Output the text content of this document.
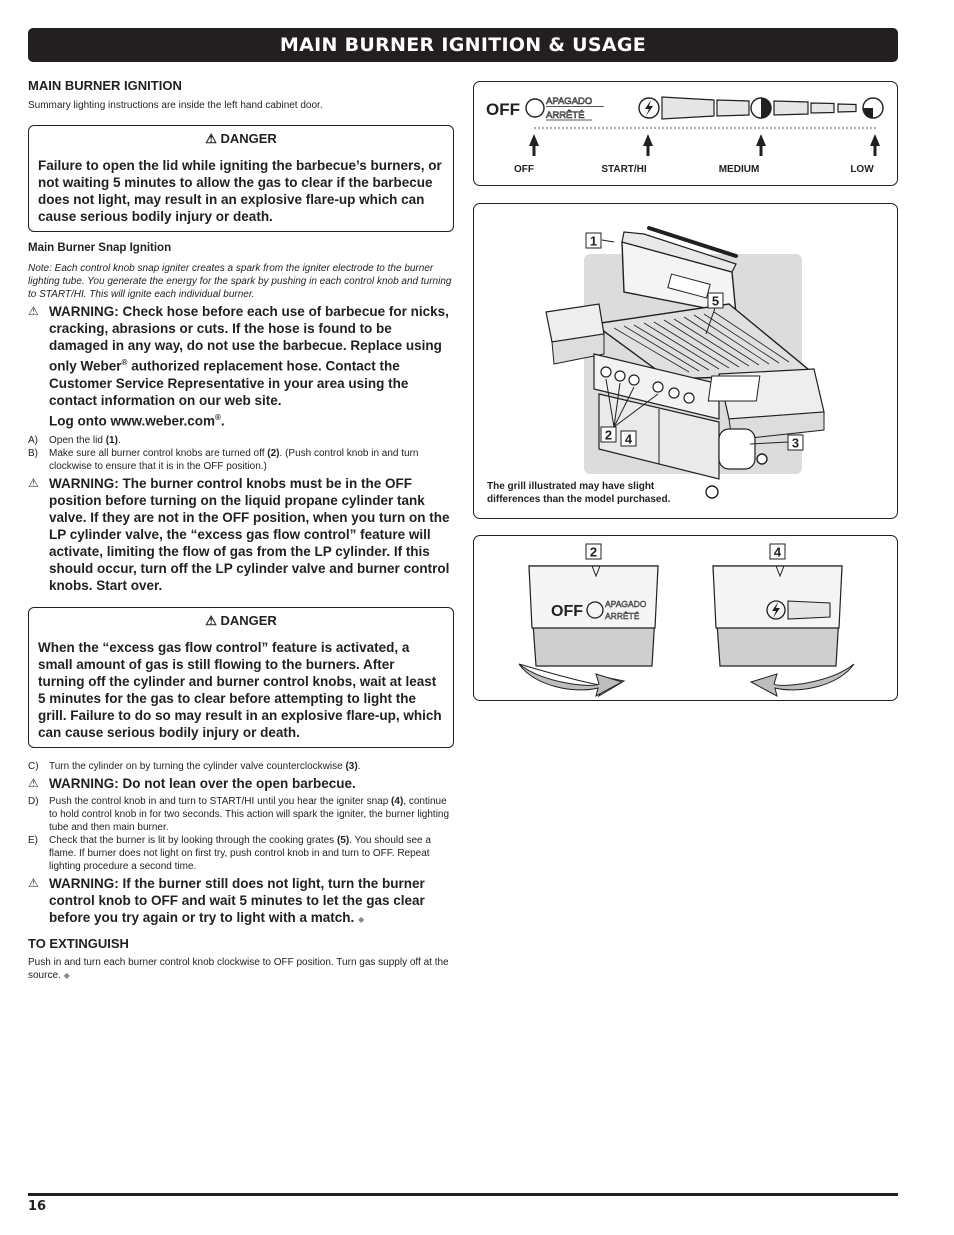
MAIN BURNER IGNITION & USAGE
MAIN BURNER IGNITION

Summary lighting instructions are inside the left hand cabinet door.

⚠ DANGER
Failure to open the lid while igniting the barbecue’s burners, or not waiting 5 minutes to allow the gas to clear if the barbecue does not light, may result in an explosive flare-up which can cause serious bodily injury or death.
Main Burner Snap Ignition

Note: Each control knob snap igniter creates a spark from the igniter electrode to the burner lighting tube. You generate the energy for the spark by pushing in each control knob and turning to START/HI. This will ignite each individual burner.

⚠ WARNING: Check hose before each use of barbecue for nicks, cracking, abrasions or cuts. If the hose is found to be damaged in any way, do not use the barbecue. Replace using only Weber® authorized replacement hose. Contact the Customer Service Representative in your area using the contact information on our web site.
Log onto www.weber.com®.
A)	Open the lid (1).
B)	Make sure all burner control knobs are turned off (2). (Push control knob in and turn clockwise to ensure that it is in the OFF position.)
⚠ WARNING: The burner control knobs must be in the OFF position before turning on the liquid propane cylinder tank valve. If they are not in the OFF position, when you turn on the LP cylinder valve, the “excess gas flow control” feature will activate, limiting the flow of gas from the LP cylinder. If this should occur, turn off the LP cylinder valve and burner control knobs. Start over.
⚠ DANGER
When the “excess gas flow control” feature is activated, a small amount of gas is still flowing to the burners. After turning off the cylinder and burner control knobs, wait at least 5 minutes for the gas to clear before attempting to light the grill. Failure to do so may result in an explosive flare-up, which can cause serious bodily injury or death.
C)	Turn the cylinder on by turning the cylinder valve counterclockwise (3).
⚠ WARNING: Do not lean over the open barbecue.
D)	Push the control knob in and turn to START/HI until you hear the igniter snap (4), continue to hold control knob in for two seconds. This action will spark the igniter, the burner lighting tube and then main burner.
E)	Check that the burner is lit by looking through the cooking grates (5). You should see a flame. If burner does not light on first try, push control knob in and turn to OFF. Repeat lighting procedure a second time.
⚠ WARNING: If the burner still does not light, turn the burner control knob to OFF and wait 5 minutes to let the gas clear before you try again or try to light with a match. ◆
TO EXTINGUISH

Push in and turn each burner control knob clockwise to OFF position. Turn gas supply off at the source. ◆

OFF	APAGADO
ARRÊTÉ
OFF	START/HI	MEDIUM	LOW
1
5
2 4	3
The grill illustrated may have slight differences than the model purchased.
OFF	APAGADO
ARRÊTÉ
2	4
16
